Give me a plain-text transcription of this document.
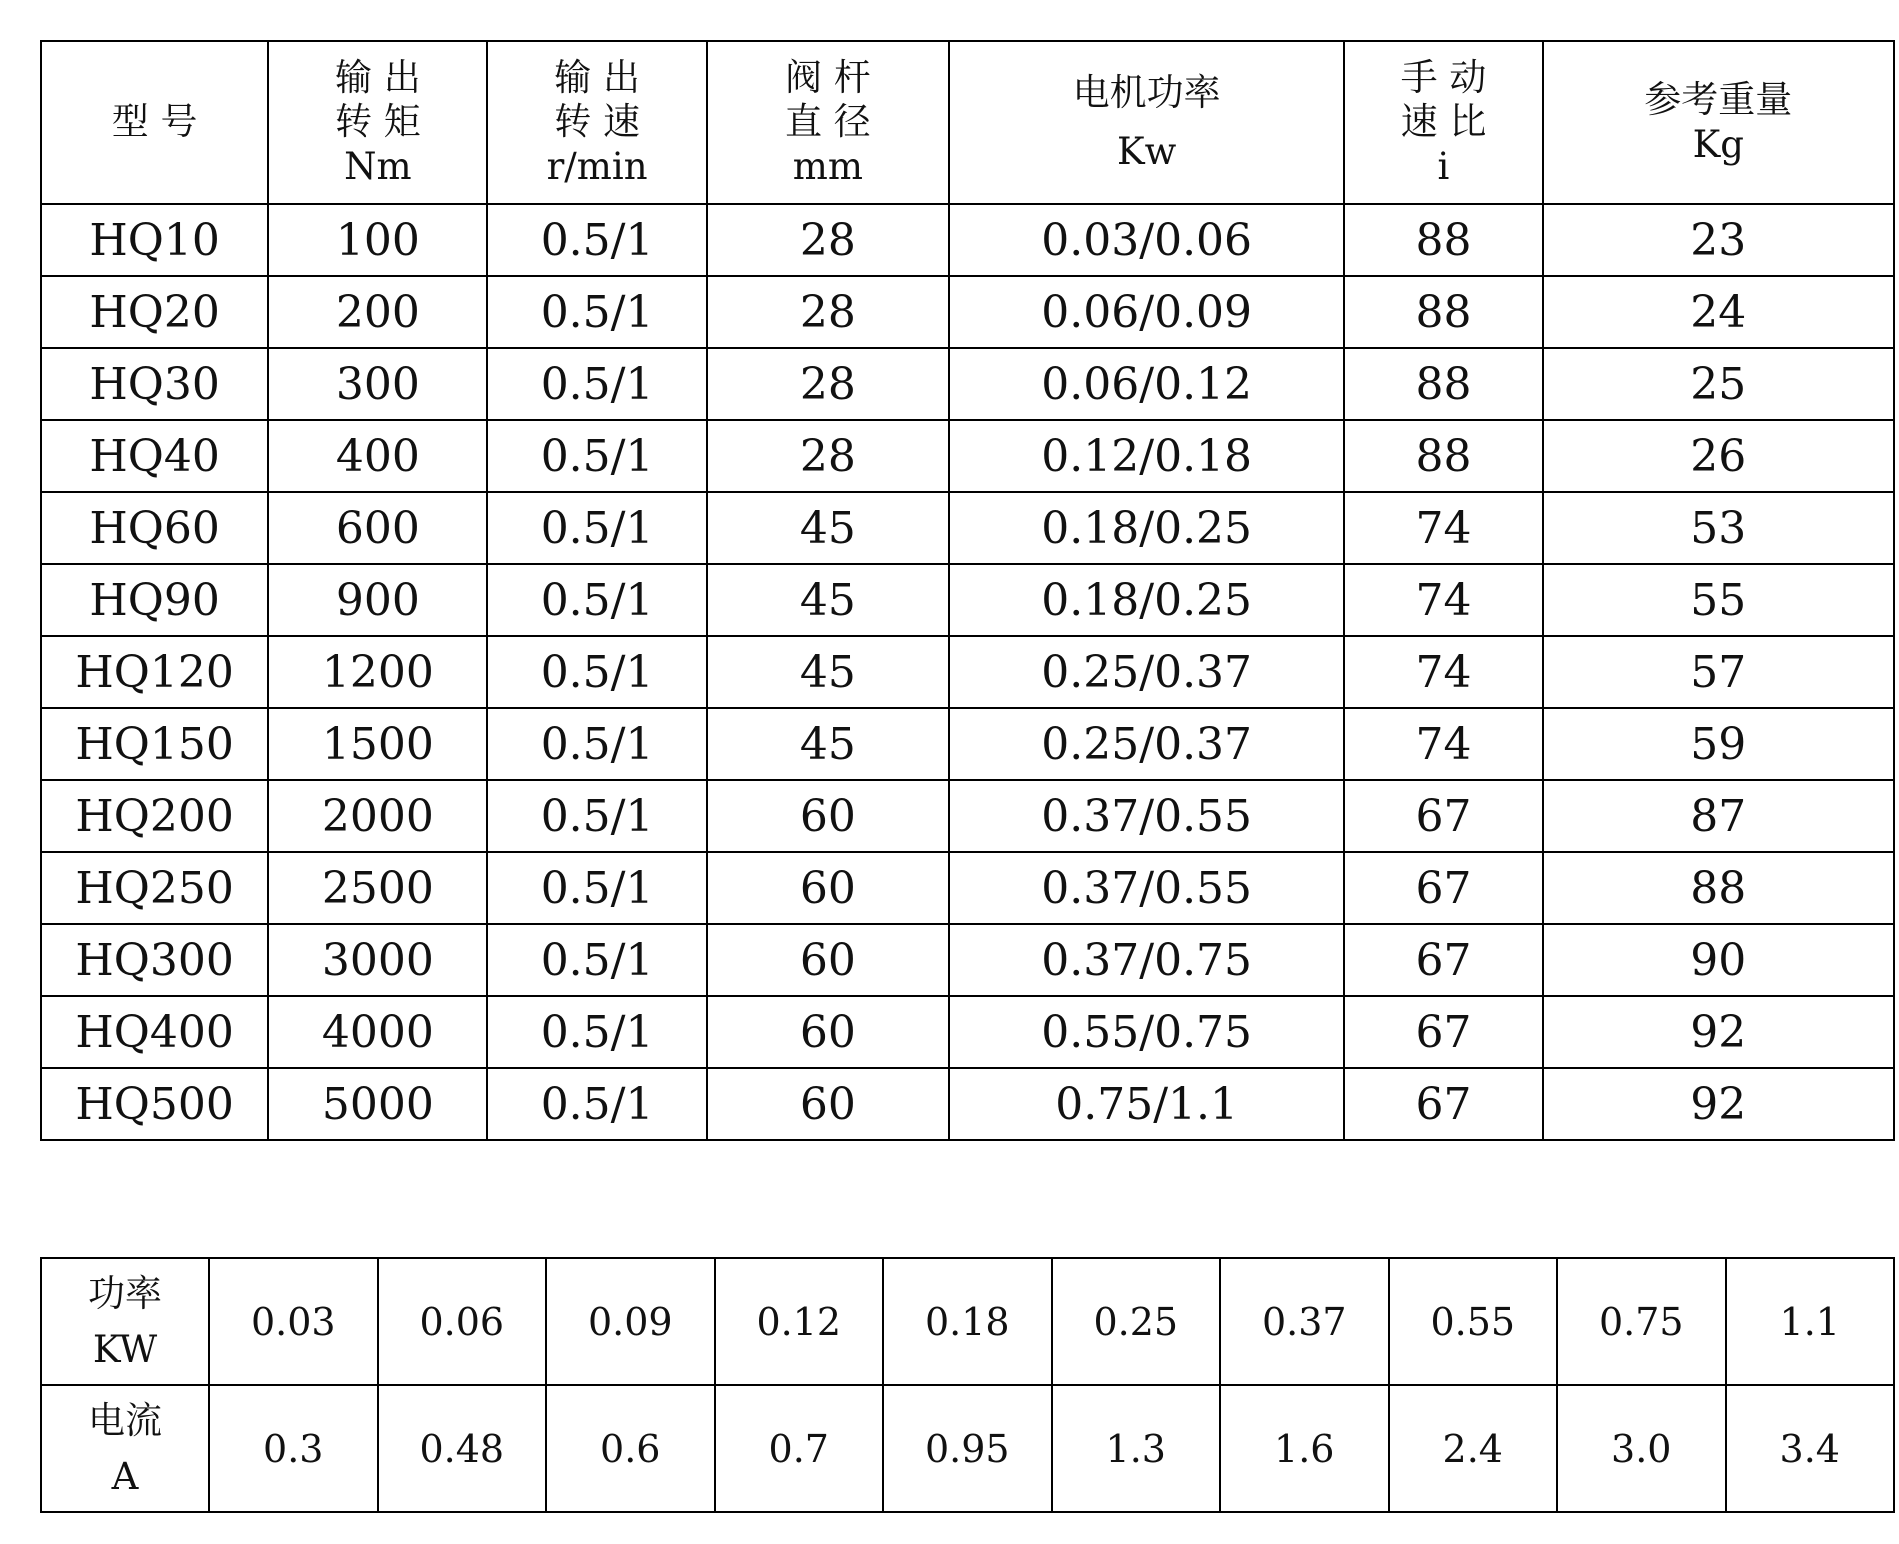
型 号	输 出
转 矩
Nm	输 出
转 速
r/min	阀 杆
直 径
mm	电机功率
Kw	手 动
速 比
i	参考重量
Kg

HQ10	100	0.5/1	28	0.03/0.06	88	23
HQ20	200	0.5/1	28	0.06/0.09	88	24
HQ30	300	0.5/1	28	0.06/0.12	88	25
HQ40	400	0.5/1	28	0.12/0.18	88	26
HQ60	600	0.5/1	45	0.18/0.25	74	53
HQ90	900	0.5/1	45	0.18/0.25	74	55
HQ120	1200	0.5/1	45	0.25/0.37	74	57
HQ150	1500	0.5/1	45	0.25/0.37	74	59
HQ200	2000	0.5/1	60	0.37/0.55	67	87
HQ250	2500	0.5/1	60	0.37/0.55	67	88
HQ300	3000	0.5/1	60	0.37/0.75	67	90
HQ400	4000	0.5/1	60	0.55/0.75	67	92
HQ500	5000	0.5/1	60	0.75/1.1	67	92
功率
KW	0.03	0.06	0.09	0.12	0.18	0.25	0.37	0.55	0.75	1.1

电流
A	0.3	0.48	0.6	0.7	0.95	1.3	1.6	2.4	3.0	3.4
